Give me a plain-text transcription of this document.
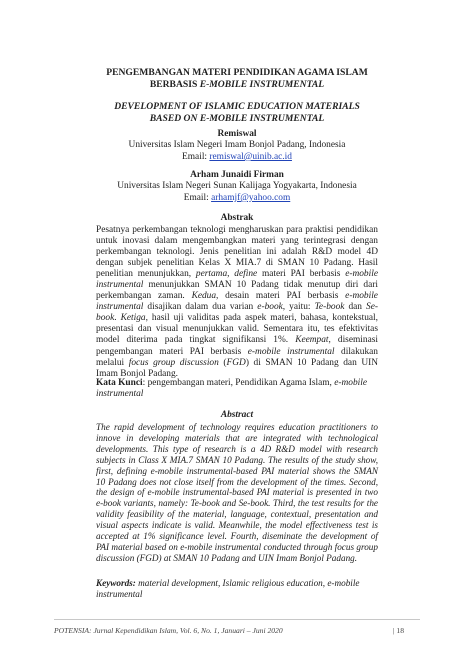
PENGEMBANGAN MATERI PENDIDIKAN AGAMA ISLAM
BERBASIS E-MOBILE INSTRUMENTAL
DEVELOPMENT OF ISLAMIC EDUCATION MATERIALS
BASED ON E-MOBILE INSTRUMENTAL
Remiswal
Universitas Islam Negeri Imam Bonjol Padang, Indonesia
Email: remiswal@uinib.ac.id
Arham Junaidi Firman
Universitas Islam Negeri Sunan Kalijaga Yogyakarta, Indonesia
Email: arhamjf@yahoo.com
Abstrak
Pesatnya perkembangan teknologi mengharuskan para praktisi pendidikan untuk inovasi dalam mengembangkan materi yang terintegrasi dengan perkembangan teknologi. Jenis penelitian ini adalah R&D model 4D dengan subjek penelitian Kelas X MIA.7 di SMAN 10 Padang. Hasil penelitian menunjukkan, pertama, define materi PAI berbasis e-mobile instrumental menunjukkan SMAN 10 Padang tidak menutup diri dari perkembangan zaman. Kedua, desain materi PAI berbasis e-mobile instrumental disajikan dalam dua varian e-book, yaitu: Te-book dan Se-book. Ketiga, hasil uji validitas pada aspek materi, bahasa, kontekstual, presentasi dan visual menunjukkan valid. Sementara itu, tes efektivitas model diterima pada tingkat signifikansi 1%. Keempat, diseminasi pengembangan materi PAI berbasis e-mobile instrumental dilakukan melalui focus group discussion (FGD) di SMAN 10 Padang dan UIN Imam Bonjol Padang.
Kata Kunci: pengembangan materi, Pendidikan Agama Islam, e-mobile instrumental
Abstract
The rapid development of technology requires education practitioners to innove in developing materials that are integrated with technological developments. This type of research is a 4D R&D model with research subjects in Class X MIA.7 SMAN 10 Padang. The results of the study show, first, defining e-mobile instrumental-based PAI material shows the SMAN 10 Padang does not close itself from the development of the times. Second, the design of e-mobile instrumental-based PAI material is presented in two e-book variants, namely: Te-book and Se-book. Third, the test results for the validity feasibility of the material, language, contextual, presentation and visual aspects indicate is valid. Meanwhile, the model effectiveness test is accepted at 1% significance level. Fourth, diseminate the development of PAI material based on e-mobile instrumental conducted through focus group discussion (FGD) at SMAN 10 Padang and UIN Imam Bonjol Padang.
Keywords: material development, Islamic religious education, e-mobile instrumental
POTENSIA: Jurnal Kependidikan Islam, Vol. 6, No. 1, Januari – Juni 2020	| 18
